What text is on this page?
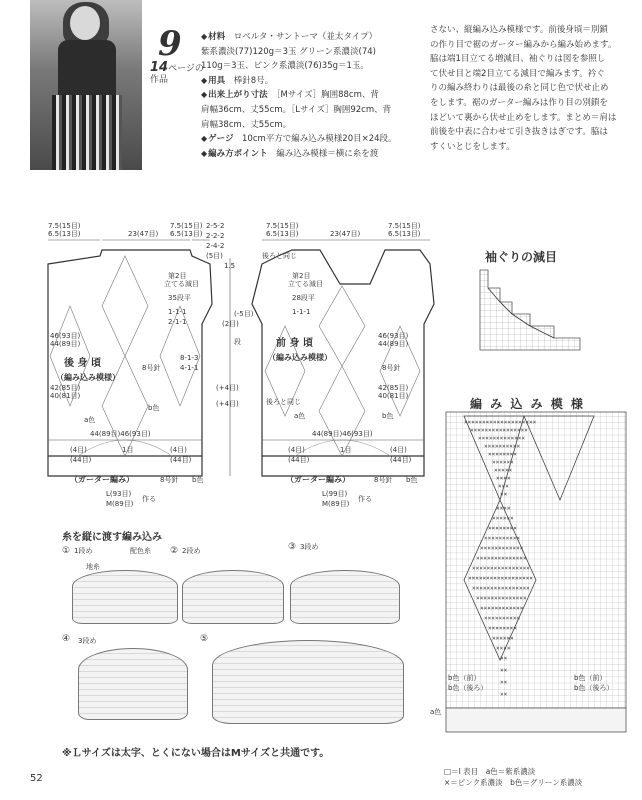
9
14ページの
作品

◆ 材料　 ロベルタ・サントーマ（並太タイプ）

紫系濃淡(77)120g＝3玉 グリーン系濃淡(74)

110g＝3玉、ピンク系濃淡(76)35g＝1玉。

◆ 用具　 棒針8号。

◆ 出来上がり寸法　 ［Mサイズ］胸囲88cm、背

肩幅36cm、丈55cm。［Lサイズ］胸囲92cm、背

肩幅38cm、丈55cm。

◆ ゲージ　 10cm平方で編み込み模様20目×24段。

◆ 編み方ポイント　 編み込み模様＝横に糸を渡

さない、縦編み込み模様です。前後身頃＝別鎖
の作り目で裾のガーター編みから編み始めます。
脇は端1目立てる増減目、袖ぐりは図を参照し
て伏せ目と端2目立てる減目で編みます。衿ぐ
りの編み終わりは最後の糸と同じ色で伏せ止め
をします。裾のガーター編みは作り目の別鎖を
ほどいて裏から伏せ止めをします。まとめ＝肩は
前後を中表に合わせて引き抜きはぎです。脇は
すくいとじをします。
7.5(15目)
6.5(13目)	23(47目)
7.5(15目)
6.5(13目)
2-5-2
2-2-2
2-4-2
(5目)
第2目
立てる減目
35段平
1-1-1
2-1-1
46(93目)
44(89目)
後 身 頃
（編み込み模様）
8号針
8-1-3
4-1-1
42(85目)
40(81目)
b色
a色
44(89目)46(93目)
(4目)
(44目)
1目	(4目)
(44目)
（ガーター編み）	8号針 b色
L(93目)
M(89目)
作る
1.5
(2目)
(-5目)
(+4目)
(+4目)
段
7.5(15目)
6.5(13目)	23(47目)
7.5(15目)
6.5(13目)
後ろと同じ
第2目
立てる減目
28段平
1-1-1
46(93目)
44(89目)
前 身 頃
（編み込み模様）
8号針
42(85目)
40(81目)
後ろと同じ
a色	b色
44(89目)46(93目)
(4目)
(44目)
1目	(4目)
(44目)
（ガーター編み）	8号針 b色
L(99目)
M(89目)
作る
袖ぐりの減目
編 み 込 み 模 様
××××××××××××××××××××
××××××××××××××××
×××××××××××××
××××××××××
××××××××
××××××
×××××
××××
×××
××
××××
××××××
××××××××
××××××××××
××××××××××××
××××××××××××××
××××××××××××××××
××××××××××××××××××
××××××××××××××××
××××××××××××××
××××××××××××
××××××××××
××××××××
××××××
××××
××
××
××
××
b色（前）
b色（後ろ）
b色（前）
b色（後ろ）
a色
□＝Ⅰ 表目　 a色＝紫系濃淡
×＝ピンク系濃淡　 b色＝グリーン系濃淡
糸を縦に渡す編み込み
① 1段め	配色糸
地糸
② 2段め	③ 3段め
④ 3段め	⑤
※Ｌサイズは太字、とくにない場合はMサイズと共通です。
52
